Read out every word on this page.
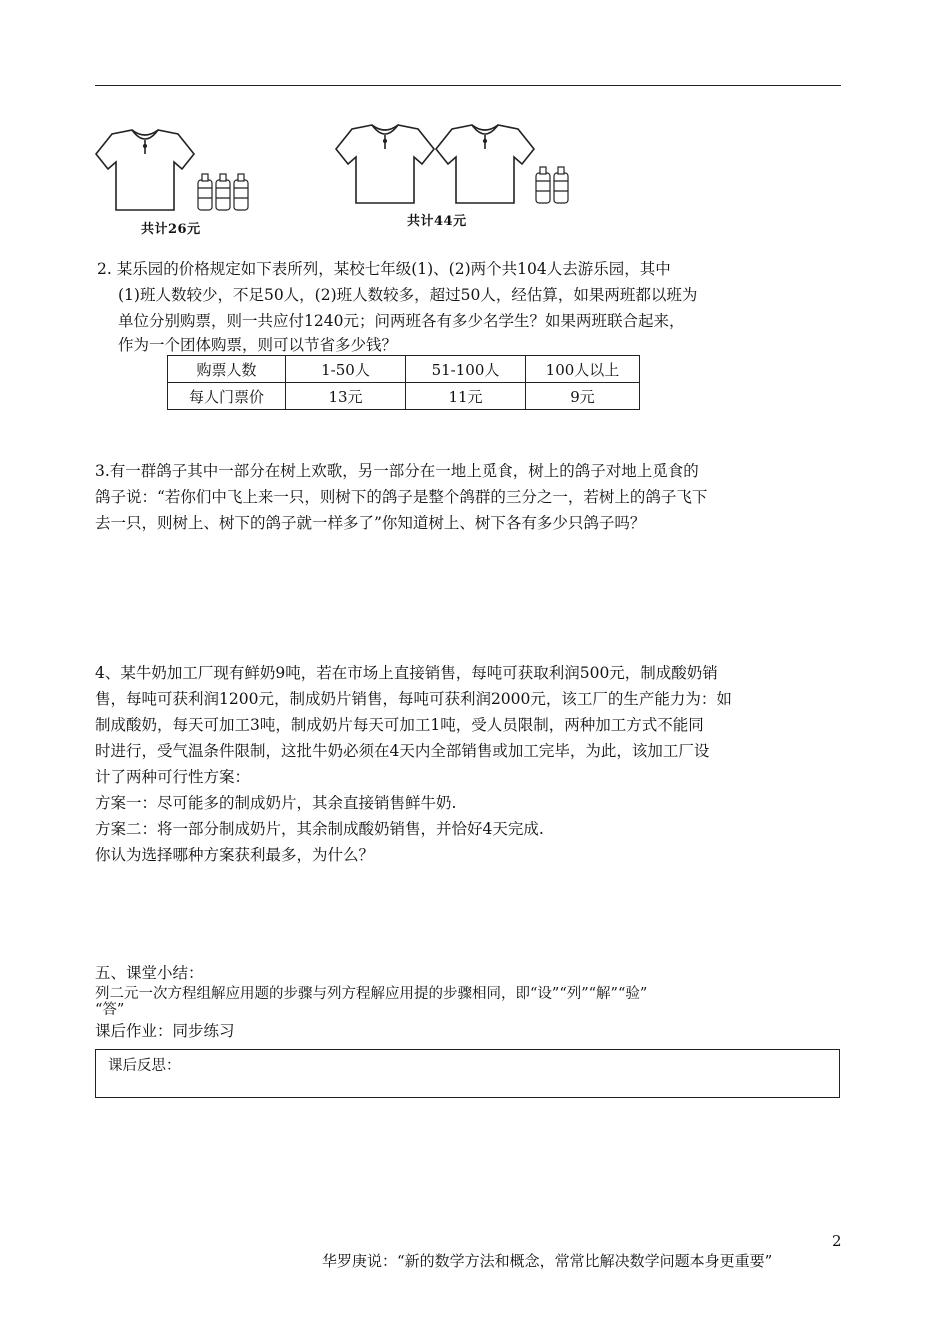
共计26元
共计44元
2. 某乐园的价格规定如下表所列，某校七年级(1)、(2)两个共104人去游乐园，其中
(1)班人数较少，不足50人，(2)班人数较多，超过50人，经估算，如果两班都以班为
单位分别购票，则一共应付1240元；问两班各有多少名学生？如果两班联合起来，
作为一个团体购票，则可以节省多少钱？
购票人数	1-50人	51-100人	100人以上
每人门票价	13元	11元	9元
3.有一群鸽子其中一部分在树上欢歌，另一部分在一地上觅食，树上的鸽子对地上觅食的
鸽子说：“若你们中飞上来一只，则树下的鸽子是整个鸽群的三分之一，若树上的鸽子飞下
去一只，则树上、树下的鸽子就一样多了”你知道树上、树下各有多少只鸽子吗？
4、某牛奶加工厂现有鲜奶9吨，若在市场上直接销售，每吨可获取利润500元，制成酸奶销
售，每吨可获利润1200元，制成奶片销售，每吨可获利润2000元，该工厂的生产能力为：如
制成酸奶，每天可加工3吨，制成奶片每天可加工1吨，受人员限制，两种加工方式不能同
时进行，受气温条件限制，这批牛奶必须在4天内全部销售或加工完毕，为此，该加工厂设
计了两种可行性方案：
方案一：尽可能多的制成奶片，其余直接销售鲜牛奶.
方案二：将一部分制成奶片，其余制成酸奶销售，并恰好4天完成.
你认为选择哪种方案获利最多，为什么？
五、课堂小结：
列二元一次方程组解应用题的步骤与列方程解应用提的步骤相同，即“设”“列”“解”“验”
“答”
课后作业：同步练习
课后反思：
2
华罗庚说：“新的数学方法和概念，常常比解决数学问题本身更重要”
